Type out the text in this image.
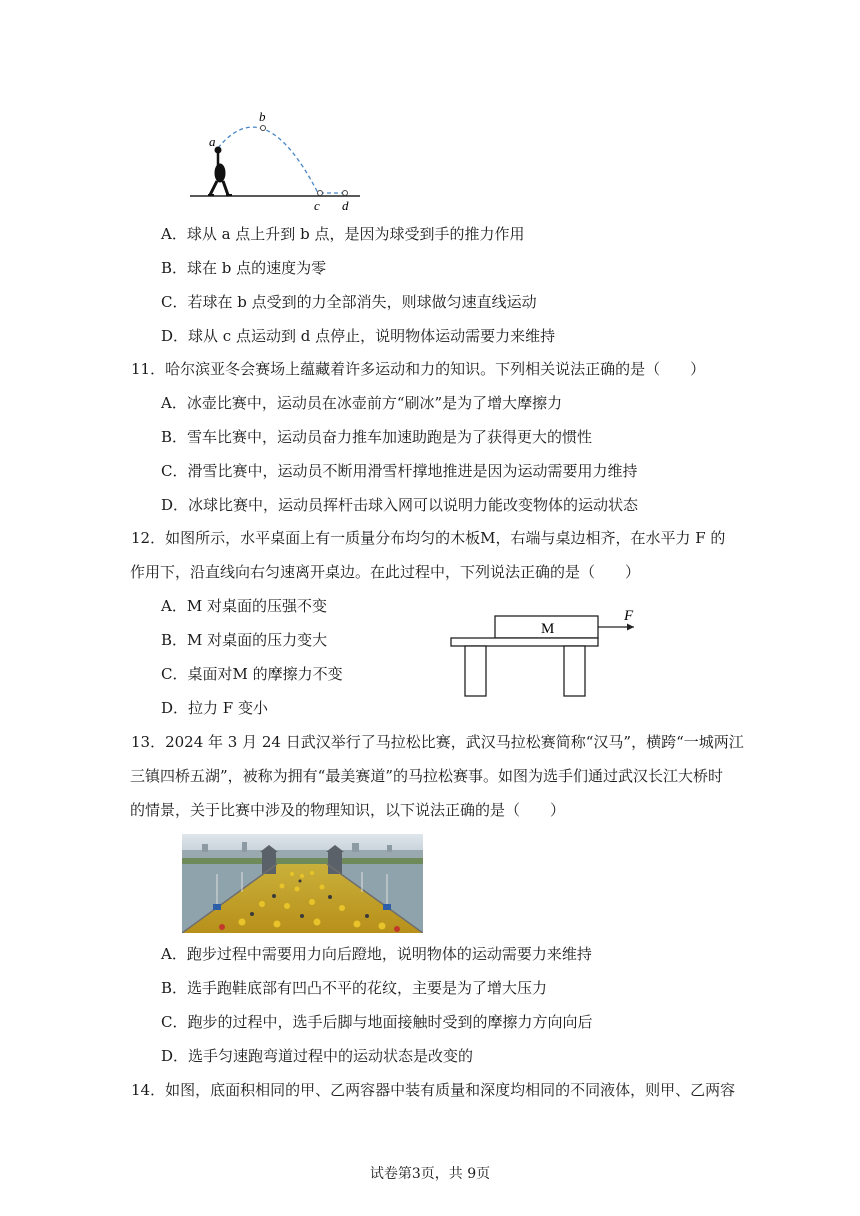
a
b
c d
A．球从 a 点上升到 b 点，是因为球受到手的推力作用
B．球在 b 点的速度为零
C．若球在 b 点受到的力全部消失，则球做匀速直线运动
D．球从 c 点运动到 d 点停止，说明物体运动需要力来维持
11．哈尔滨亚冬会赛场上蕴藏着许多运动和力的知识。下列相关说法正确的是（　　）
A．冰壶比赛中，运动员在冰壶前方“刷冰”是为了增大摩擦力
B．雪车比赛中，运动员奋力推车加速助跑是为了获得更大的惯性
C．滑雪比赛中，运动员不断用滑雪杆撑地推进是因为运动需要用力维持
D．冰球比赛中，运动员挥杆击球入网可以说明力能改变物体的运动状态
12．如图所示，水平桌面上有一质量分布均匀的木板M，右端与桌边相齐，在水平力 F 的
作用下，沿直线向右匀速离开桌边。在此过程中，下列说法正确的是（　　）
A．M 对桌面的压强不变
B．M 对桌面的压力变大
C．桌面对M 的摩擦力不变
D．拉力 F 变小
M
F
13．2024 年 3 月 24 日武汉举行了马拉松比赛，武汉马拉松赛简称“汉马”，横跨“一城两江
三镇四桥五湖”，被称为拥有“最美赛道”的马拉松赛事。如图为选手们通过武汉长江大桥时
的情景，关于比赛中涉及的物理知识，以下说法正确的是（　　）
A．跑步过程中需要用力向后蹬地，说明物体的运动需要力来维持
B．选手跑鞋底部有凹凸不平的花纹，主要是为了增大压力
C．跑步的过程中，选手后脚与地面接触时受到的摩擦力方向向后
D．选手匀速跑弯道过程中的运动状态是改变的
14．如图，底面积相同的甲、乙两容器中装有质量和深度均相同的不同液体，则甲、乙两容
试卷第3页，共 9页
